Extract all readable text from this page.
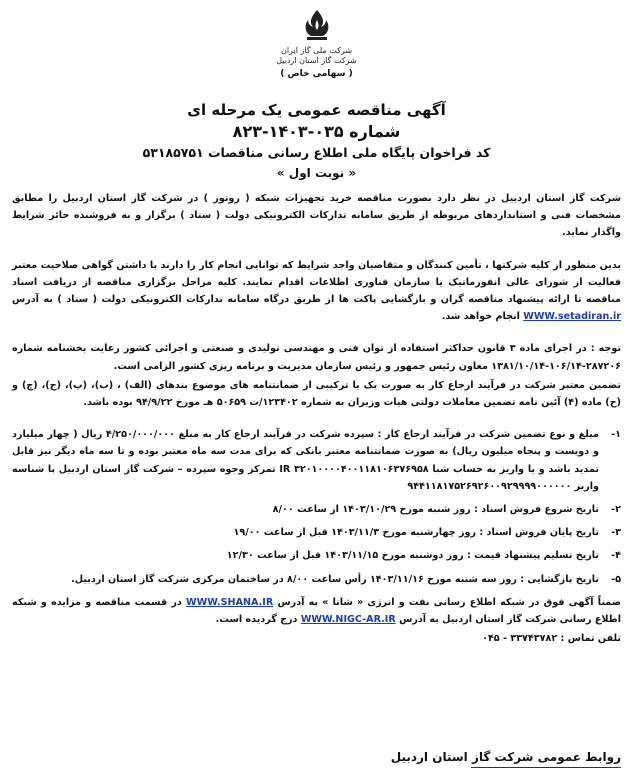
شرکت ملی گاز ایران
شرکت گاز استان اردبیل
( سهامی خاص )
آگهی مناقصه عمومی یک مرحله ای
شماره ۰۳۵-۱۴۰۳-۸۲۳
کد فراخوان پایگاه ملی اطلاع رسانی مناقصات ۵۳۱۸۵۷۵۱
« نوبت اول »

شرکت گاز استان اردبیل در نظر دارد بصورت مناقصه خرید تجهیزات شبکه ( روتور ) در شرکت گاز استان اردبیل را مطابق مشخصات فنی و استانداردهای مربوطه از طریق سامانه تدارکات الکترونیکی دولت ( ستاد ) برگزار و به فروشنده حائز شرایط واگذار نماید.

بدین منظور از کلیه شرکتها ، تأمین کنندگان و متقاضیان واجد شرایط که توانایی انجام کار را دارند با داشتن گواهی صلاحیت معتبر فعالیت از شورای عالی انفورماتیک یا سازمان فناوری اطلاعات اقدام نمایند. کلیه مراحل برگزاری مناقصه از دریافت اسناد مناقصه تا ارائه پیشنهاد مناقصه گران و بازگشایی پاکت ها از طریق درگاه سامانه تدارکات الکترونیکی دولت ( ستاد ) به آدرس WWW.setadiran.ir انجام خواهد شد.

توجه : در اجرای ماده ۳ قانون حداکثر استفاده از توان فنی و مهندسی تولیدی و صنعتی و اجرائی کشور رعایت بخشنامه شماره ۲۸۷۲۰۶-۱۰۶/۱۴-۱۳۸۱/۱۰/۱۴ معاون رئیس جمهور و رئیس سازمان مدیریت و برنامه ریزی کشور الزامی است.

تضمین معتبر شرکت در فرآیند ارجاع کار به صورت یک یا ترکیبی از ضمانتنامه های موضوع بندهای (الف) ، (ب)، (پ)، (ج)، (چ) و (ح) ماده (۴) آئین نامه تضمین معاملات دولتی هیات وزیران به شماره ۱۲۳۴۰۲/ت ۵۰۶۵۹ هـ مورخ ۹۴/۹/۲۲ بوده باشد.

۱-
مبلغ و نوع تضمین شرکت در فرآیند ارجاع کار : سپرده شرکت در فرآیند ارجاع کار به مبلغ ۴/۲۵۰/۰۰۰/۰۰۰ ریال ( چهار میلیارد و دویست و پنجاه میلیون ریال) به صورت ضمانتنامه معتبر بانکی که برای مدت سه ماه معتبر بوده و تا سه ماه دیگر نیز قابل تمدید باشد و یا واریز به حساب شبا IR ۳۲۰۱۰۰۰۰۴۰۰۱۱۸۱۰۶۳۷۶۹۵۸ تمرکز وجوه سپرده – شرکت گاز استان اردبیل با شناسه واریز ۹۴۴۱۱۸۱۷۵۲۶۹۲۶۰۰۹۲۹۹۹۹۰۰۰۰۰۰
۲-
تاریخ شروع فروش اسناد : روز شنبه مورخ ۱۴۰۳/۱۰/۲۹ از ساعت ۸/۰۰
۳-
تاریخ پایان فروش اسناد : روز چهارشنبه مورخ ۱۴۰۳/۱۱/۳ قبل از ساعت ۱۹/۰۰
۴-
تاریخ تسلیم پیشنهاد قیمت : روز دوشنبه مورخ ۱۴۰۳/۱۱/۱۵ قبل از ساعت ۱۲/۳۰
۵-
تاریخ بازگشایی : روز سه شنبه مورخ ۱۴۰۳/۱۱/۱۶ رأس ساعت ۸/۰۰ در ساختمان مرکزی شرکت گاز استان اردبیل.

ضمناً آگهی فوق در شبکه اطلاع رسانی نفت و انرژی « شانا » به آدرس WWW.SHANA.IR در قسمت مناقصه و مزایده و شبکه اطلاع رسانی شرکت گاز استان اردبیل به آدرس WWW.NIGC-AR.IR درج گردیده است.

تلفن تماس : ۳۳۷۴۳۷۸۲ - ۰۴۵

روابط عمومی شرکت گاز استان اردبیل
